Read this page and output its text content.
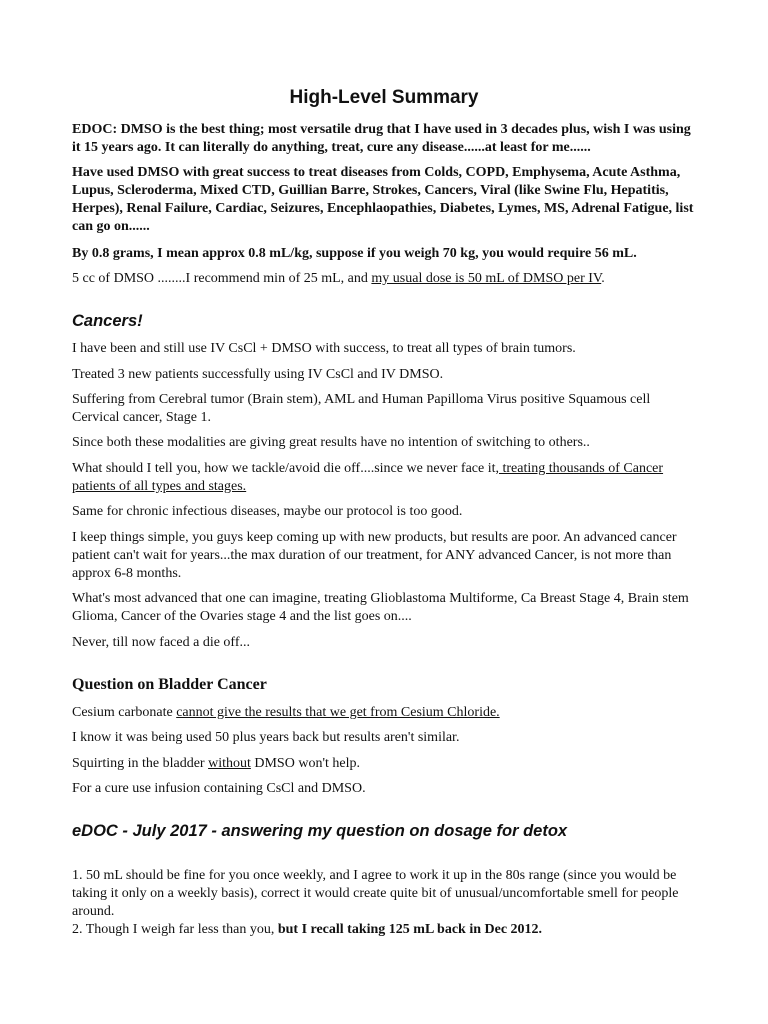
High-Level Summary

EDOC: DMSO is the best thing; most versatile drug that I have used in 3 decades plus, wish I was using it 15 years ago. It can literally do anything, treat, cure any disease......at least for me......

Have used DMSO with great success to treat diseases from Colds, COPD, Emphysema, Acute Asthma, Lupus, Scleroderma, Mixed CTD, Guillian Barre, Strokes, Cancers, Viral (like Swine Flu, Hepatitis, Herpes), Renal Failure, Cardiac, Seizures, Encephlaopathies, Diabetes, Lymes, MS, Adrenal Fatigue, list can go on......

By 0.8 grams, I mean approx 0.8 mL/kg, suppose if you weigh 70 kg, you would require 56 mL.

5 cc of DMSO ........I recommend min of 25 mL, and my usual dose is 50 mL of DMSO per IV.

Cancers!

I have been and still use IV CsCl + DMSO with success, to treat all types of brain tumors.

Treated 3 new patients successfully using IV CsCl and IV DMSO.

Suffering from Cerebral tumor (Brain stem), AML and Human Papilloma Virus positive Squamous cell Cervical cancer, Stage 1.

Since both these modalities are giving great results have no intention of switching to others..

What should I tell you, how we tackle/avoid die off....since we never face it, treating thousands of Cancer patients of all types and stages.

Same for chronic infectious diseases, maybe our protocol is too good.

I keep things simple, you guys keep coming up with new products, but results are poor. An advanced cancer patient can't wait for years...the max duration of our treatment, for ANY advanced Cancer, is not more than approx 6-8 months.

What's most advanced that one can imagine, treating Glioblastoma Multiforme, Ca Breast Stage 4, Brain stem Glioma, Cancer of the Ovaries stage 4 and the list goes on....

Never, till now faced a die off...

Question on Bladder Cancer

Cesium carbonate cannot give the results that we get from Cesium Chloride.

I know it was being used 50 plus years back but results aren't similar.

Squirting in the bladder without DMSO won't help.

For a cure use infusion containing CsCl and DMSO.

eDOC - July 2017 - answering my question on dosage for detox

1. 50 mL should be fine for you once weekly, and I agree to work it up in the 80s range (since you would be taking it only on a weekly basis), correct it would create quite bit of unusual/uncomfortable smell for people around.

2. Though I weigh far less than you, but I recall taking 125 mL back in Dec 2012.
